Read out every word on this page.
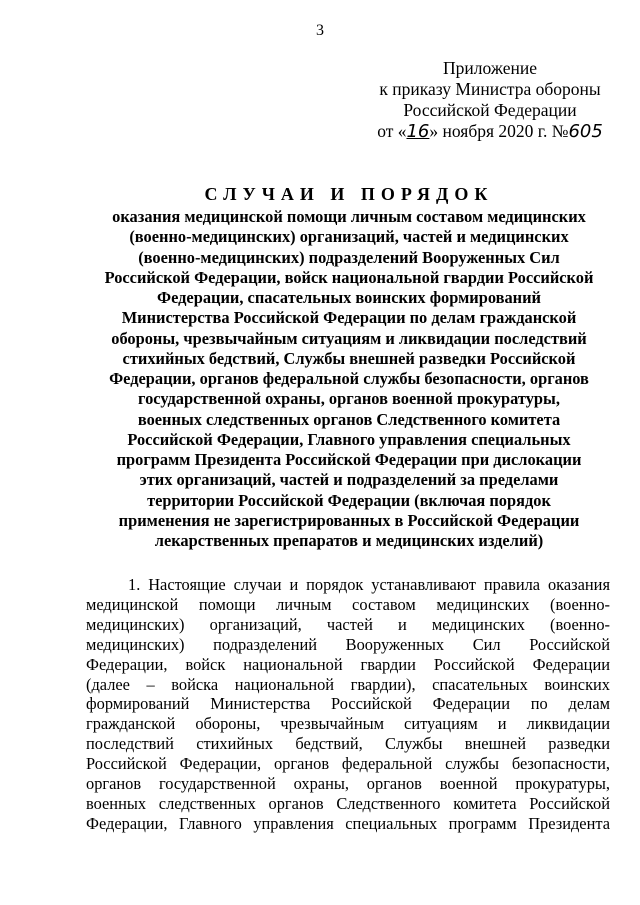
3
Приложение
к приказу Министра обороны
Российской Федерации
от «16» ноября 2020 г. №605
СЛУЧАИ И ПОРЯДОК
оказания медицинской помощи личным составом медицинских
(военно-медицинских) организаций, частей и медицинских
(военно-медицинских) подразделений Вооруженных Сил
Российской Федерации, войск национальной гвардии Российской
Федерации, спасательных воинских формирований
Министерства Российской Федерации по делам гражданской
обороны, чрезвычайным ситуациям и ликвидации последствий
стихийных бедствий, Службы внешней разведки Российской
Федерации, органов федеральной службы безопасности, органов
государственной охраны, органов военной прокуратуры,
военных следственных органов Следственного комитета
Российской Федерации, Главного управления специальных
программ Президента Российской Федерации при дислокации
этих организаций, частей и подразделений за пределами
территории Российской Федерации (включая порядок
применения не зарегистрированных в Российской Федерации
лекарственных препаратов и медицинских изделий)
1. Настоящие случаи и порядок устанавливают правила оказания
медицинской помощи личным составом медицинских (военно-
медицинских) организаций, частей и медицинских (военно-
медицинских) подразделений Вооруженных Сил Российской
Федерации, войск национальной гвардии Российской Федерации
(далее – войска национальной гвардии), спасательных воинских
формирований Министерства Российской Федерации по делам
гражданской обороны, чрезвычайным ситуациям и ликвидации
последствий стихийных бедствий, Службы внешней разведки
Российской Федерации, органов федеральной службы безопасности,
органов государственной охраны, органов военной прокуратуры,
военных следственных органов Следственного комитета Российской
Федерации, Главного управления специальных программ Президента
